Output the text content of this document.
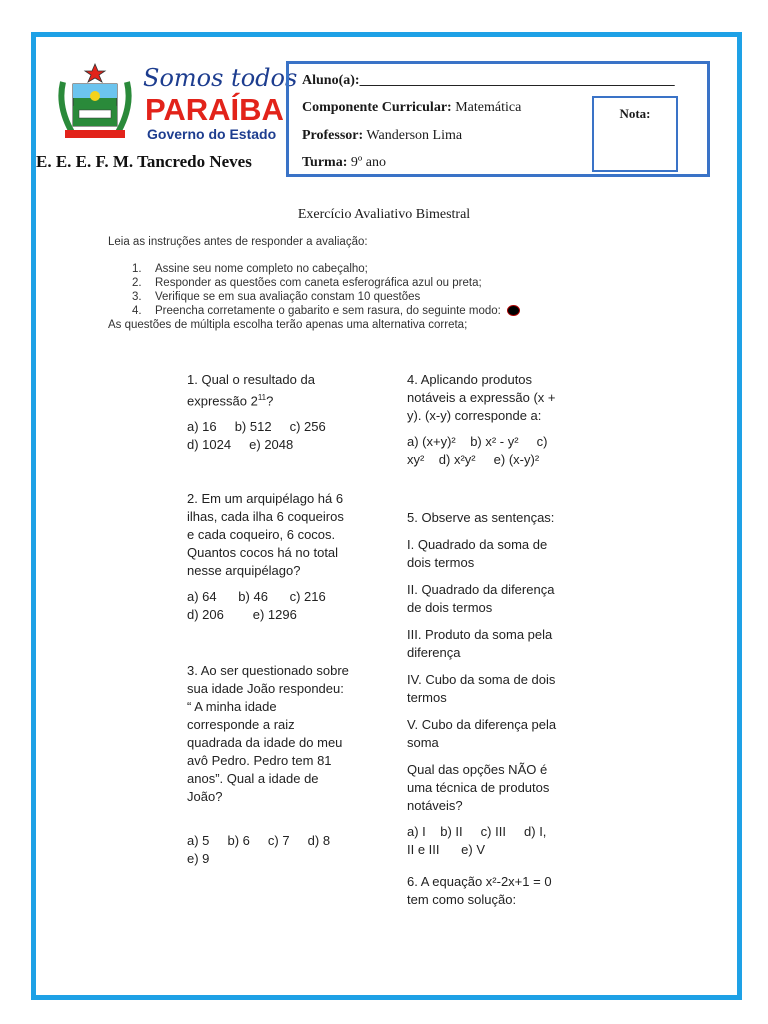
Somos todos
PARAÍBA
Governo do Estado
E. E. E. F. M. Tancredo Neves
Aluno(a):_____________________________________________
Componente Curricular: Matemática
Professor: Wanderson Lima
Turma: 9º ano
Nota:
Exercício Avaliativo Bimestral
Leia as instruções antes de responder a avaliação:
1. Assine seu nome completo no cabeçalho;
2. Responder as questões com caneta esferográfica azul ou preta;
3. Verifique se em sua avaliação constam 10 questões
4. Preencha corretamente o gabarito e sem rasura, do seguinte modo:
As questões de múltipla escolha terão apenas uma alternativa correta;

1. Qual o resultado da

expressão $2^{11}$?

a) 16     b) 512     c) 256

d) 1024     e) 2048

2. Em um arquipélago há 6

ilhas, cada ilha 6 coqueiros

e cada coqueiro, 6 cocos.

Quantos cocos há no total

nesse arquipélago?

a) 64      b) 46      c) 216

d) 206        e) 1296

3. Ao ser questionado sobre

sua idade João respondeu:

“ A minha idade

corresponde a raiz

quadrada da idade do meu

avô Pedro. Pedro tem 81

anos”. Qual a idade de

João?

a) 5     b) 6     c) 7     d) 8

e) 9

4. Aplicando produtos

notáveis a expressão (x +

y). (x-y) corresponde a:

a) (x+y)²    b) x² - y²     c)

xy²    d) x²y²     e) (x-y)²

5. Observe as sentenças:

I. Quadrado da soma de

dois termos

II. Quadrado da diferença

de dois termos

III. Produto da soma pela

diferença

IV. Cubo da soma de dois

termos

V. Cubo da diferença pela

soma

Qual das opções NÃO é

uma técnica de produtos

notáveis?

a) I    b) II     c) III     d) I,

II e III      e) V

6. A equação x²-2x+1 = 0

tem como solução:
